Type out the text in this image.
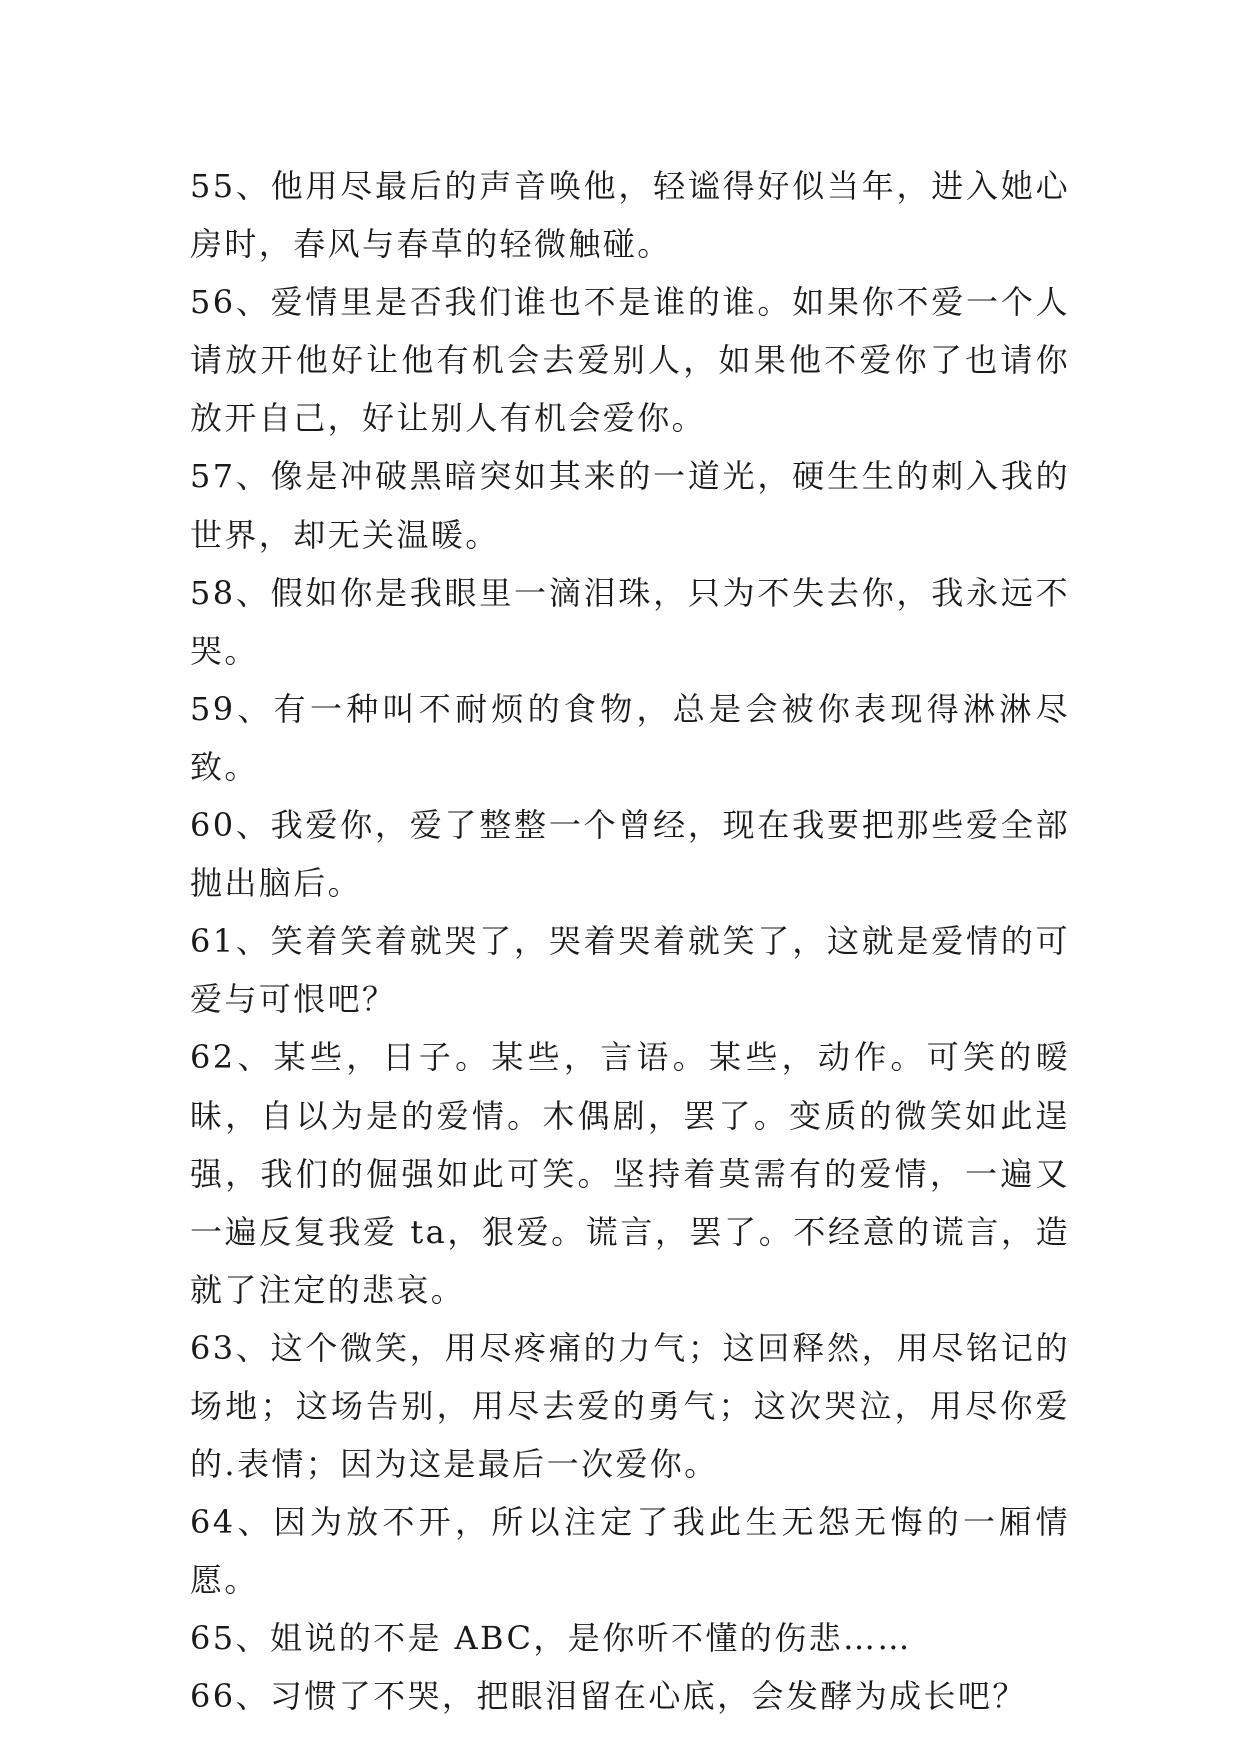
55、他用尽最后的声音唤他，轻谧得好似当年，进入她心房时，春风与春草的轻微触碰。

56、爱情里是否我们谁也不是谁的谁。如果你不爱一个人请放开他好让他有机会去爱别人，如果他不爱你了也请你放开自己，好让别人有机会爱你。

57、像是冲破黑暗突如其来的一道光，硬生生的刺入我的世界，却无关温暖。

58、假如你是我眼里一滴泪珠，只为不失去你，我永远不哭。

59、有一种叫不耐烦的食物，总是会被你表现得淋淋尽致。

60、我爱你，爱了整整一个曾经，现在我要把那些爱全部抛出脑后。

61、笑着笑着就哭了，哭着哭着就笑了，这就是爱情的可爱与可恨吧？

62、某些，日子。某些，言语。某些，动作。可笑的暧昧，自以为是的爱情。木偶剧，罢了。变质的微笑如此逞强，我们的倔强如此可笑。坚持着莫需有的爱情，一遍又一遍反复我爱 ta，狠爱。谎言，罢了。不经意的谎言，造就了注定的悲哀。

63、这个微笑，用尽疼痛的力气；这回释然，用尽铭记的场地；这场告别，用尽去爱的勇气；这次哭泣，用尽你爱的.表情；因为这是最后一次爱你。

64、因为放不开，所以注定了我此生无怨无悔的一厢情愿。

65、姐说的不是 ABC，是你听不懂的伤悲……

66、习惯了不哭，把眼泪留在心底，会发酵为成长吧？
